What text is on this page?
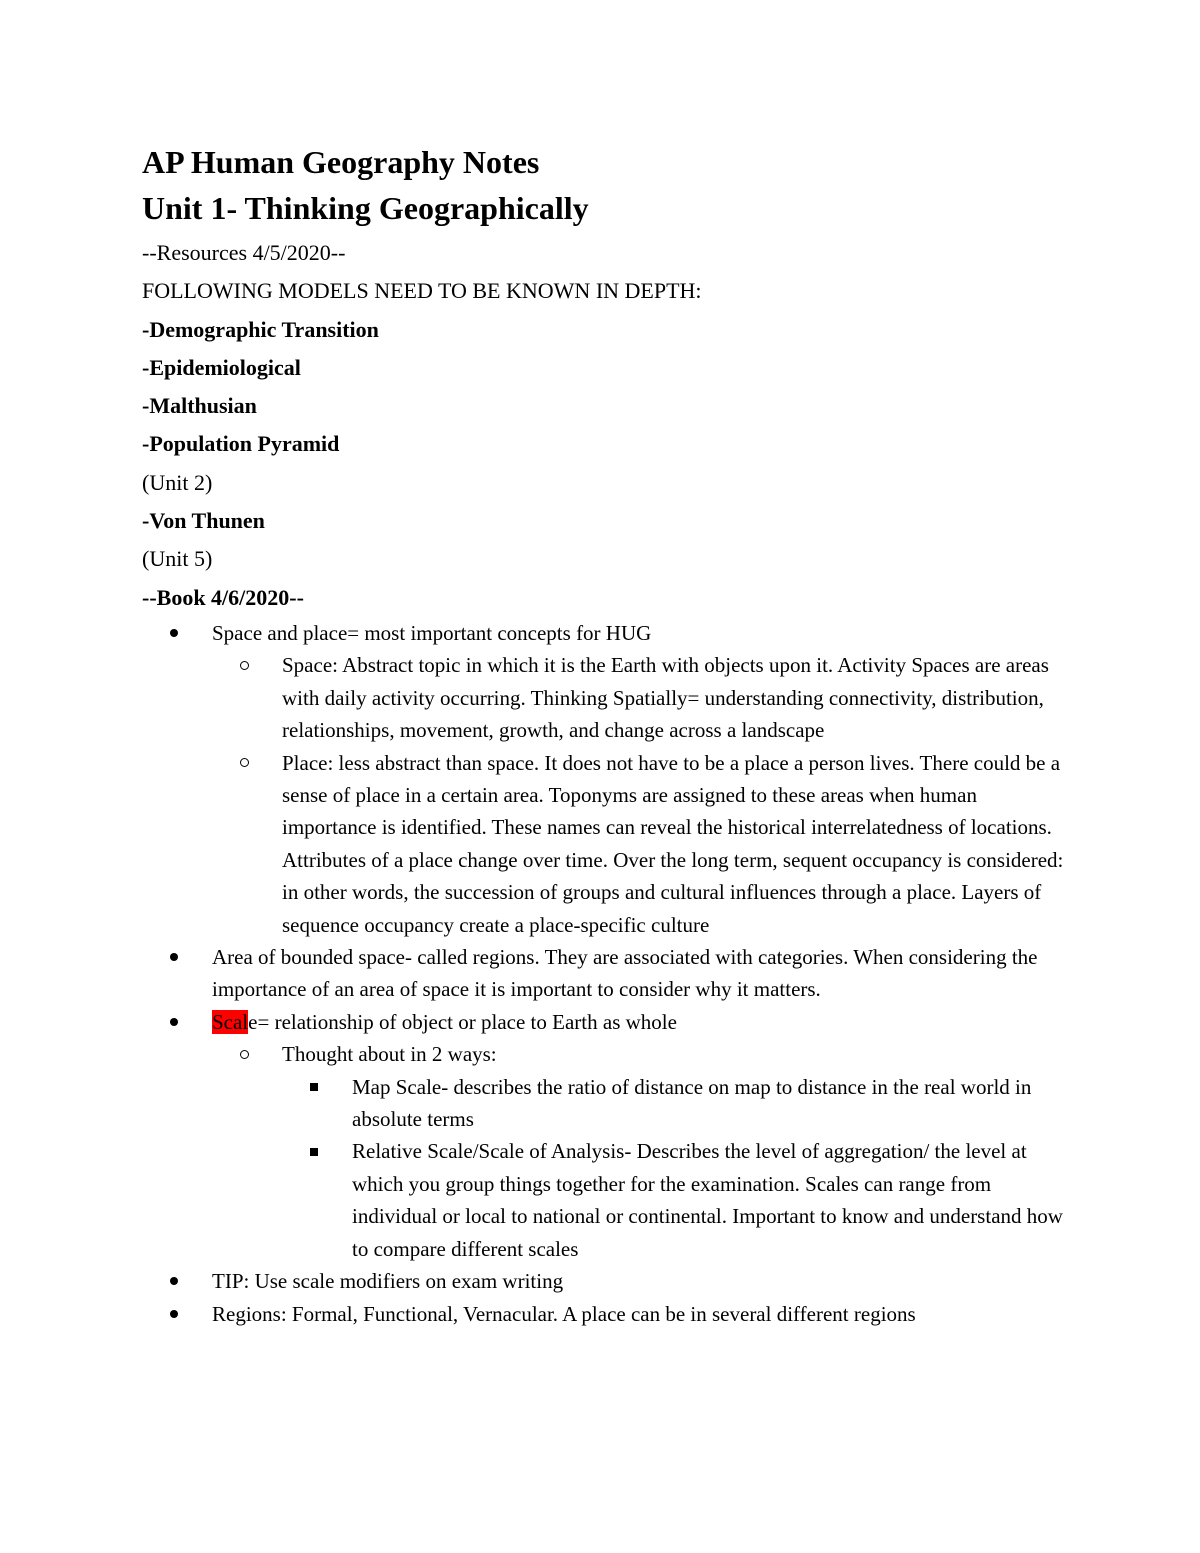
AP Human Geography Notes
Unit 1- Thinking Geographically

--Resources 4/5/2020--

FOLLOWING MODELS NEED TO BE KNOWN IN DEPTH:

-Demographic Transition

-Epidemiological

-Malthusian

-Population Pyramid

(Unit 2)

-Von Thunen

(Unit 5)

--Book 4/6/2020--

Space and place= most important concepts for HUG
Space: Abstract topic in which it is the Earth with objects upon it. Activity Spaces are areas with daily activity occurring. Thinking Spatially= understanding connectivity, distribution, relationships, movement, growth, and change across a landscape
Place: less abstract than space. It does not have to be a place a person lives. There could be a sense of place in a certain area. Toponyms are assigned to these areas when human importance is identified. These names can reveal the historical interrelatedness of locations. Attributes of a place change over time. Over the long term, sequent occupancy is considered: in other words, the succession of groups and cultural influences through a place. Layers of sequence occupancy create a place-specific culture
Area of bounded space- called regions. They are associated with categories. When considering the importance of an area of space it is important to consider why it matters.
Scale= relationship of object or place to Earth as whole
Thought about in 2 ways:
Map Scale- describes the ratio of distance on map to distance in the real world in absolute terms
Relative Scale/Scale of Analysis- Describes the level of aggregation/ the level at which you group things together for the examination. Scales can range from individual or local to national or continental. Important to know and understand how to compare different scales
TIP: Use scale modifiers on exam writing
Regions: Formal, Functional, Vernacular. A place can be in several different regions
